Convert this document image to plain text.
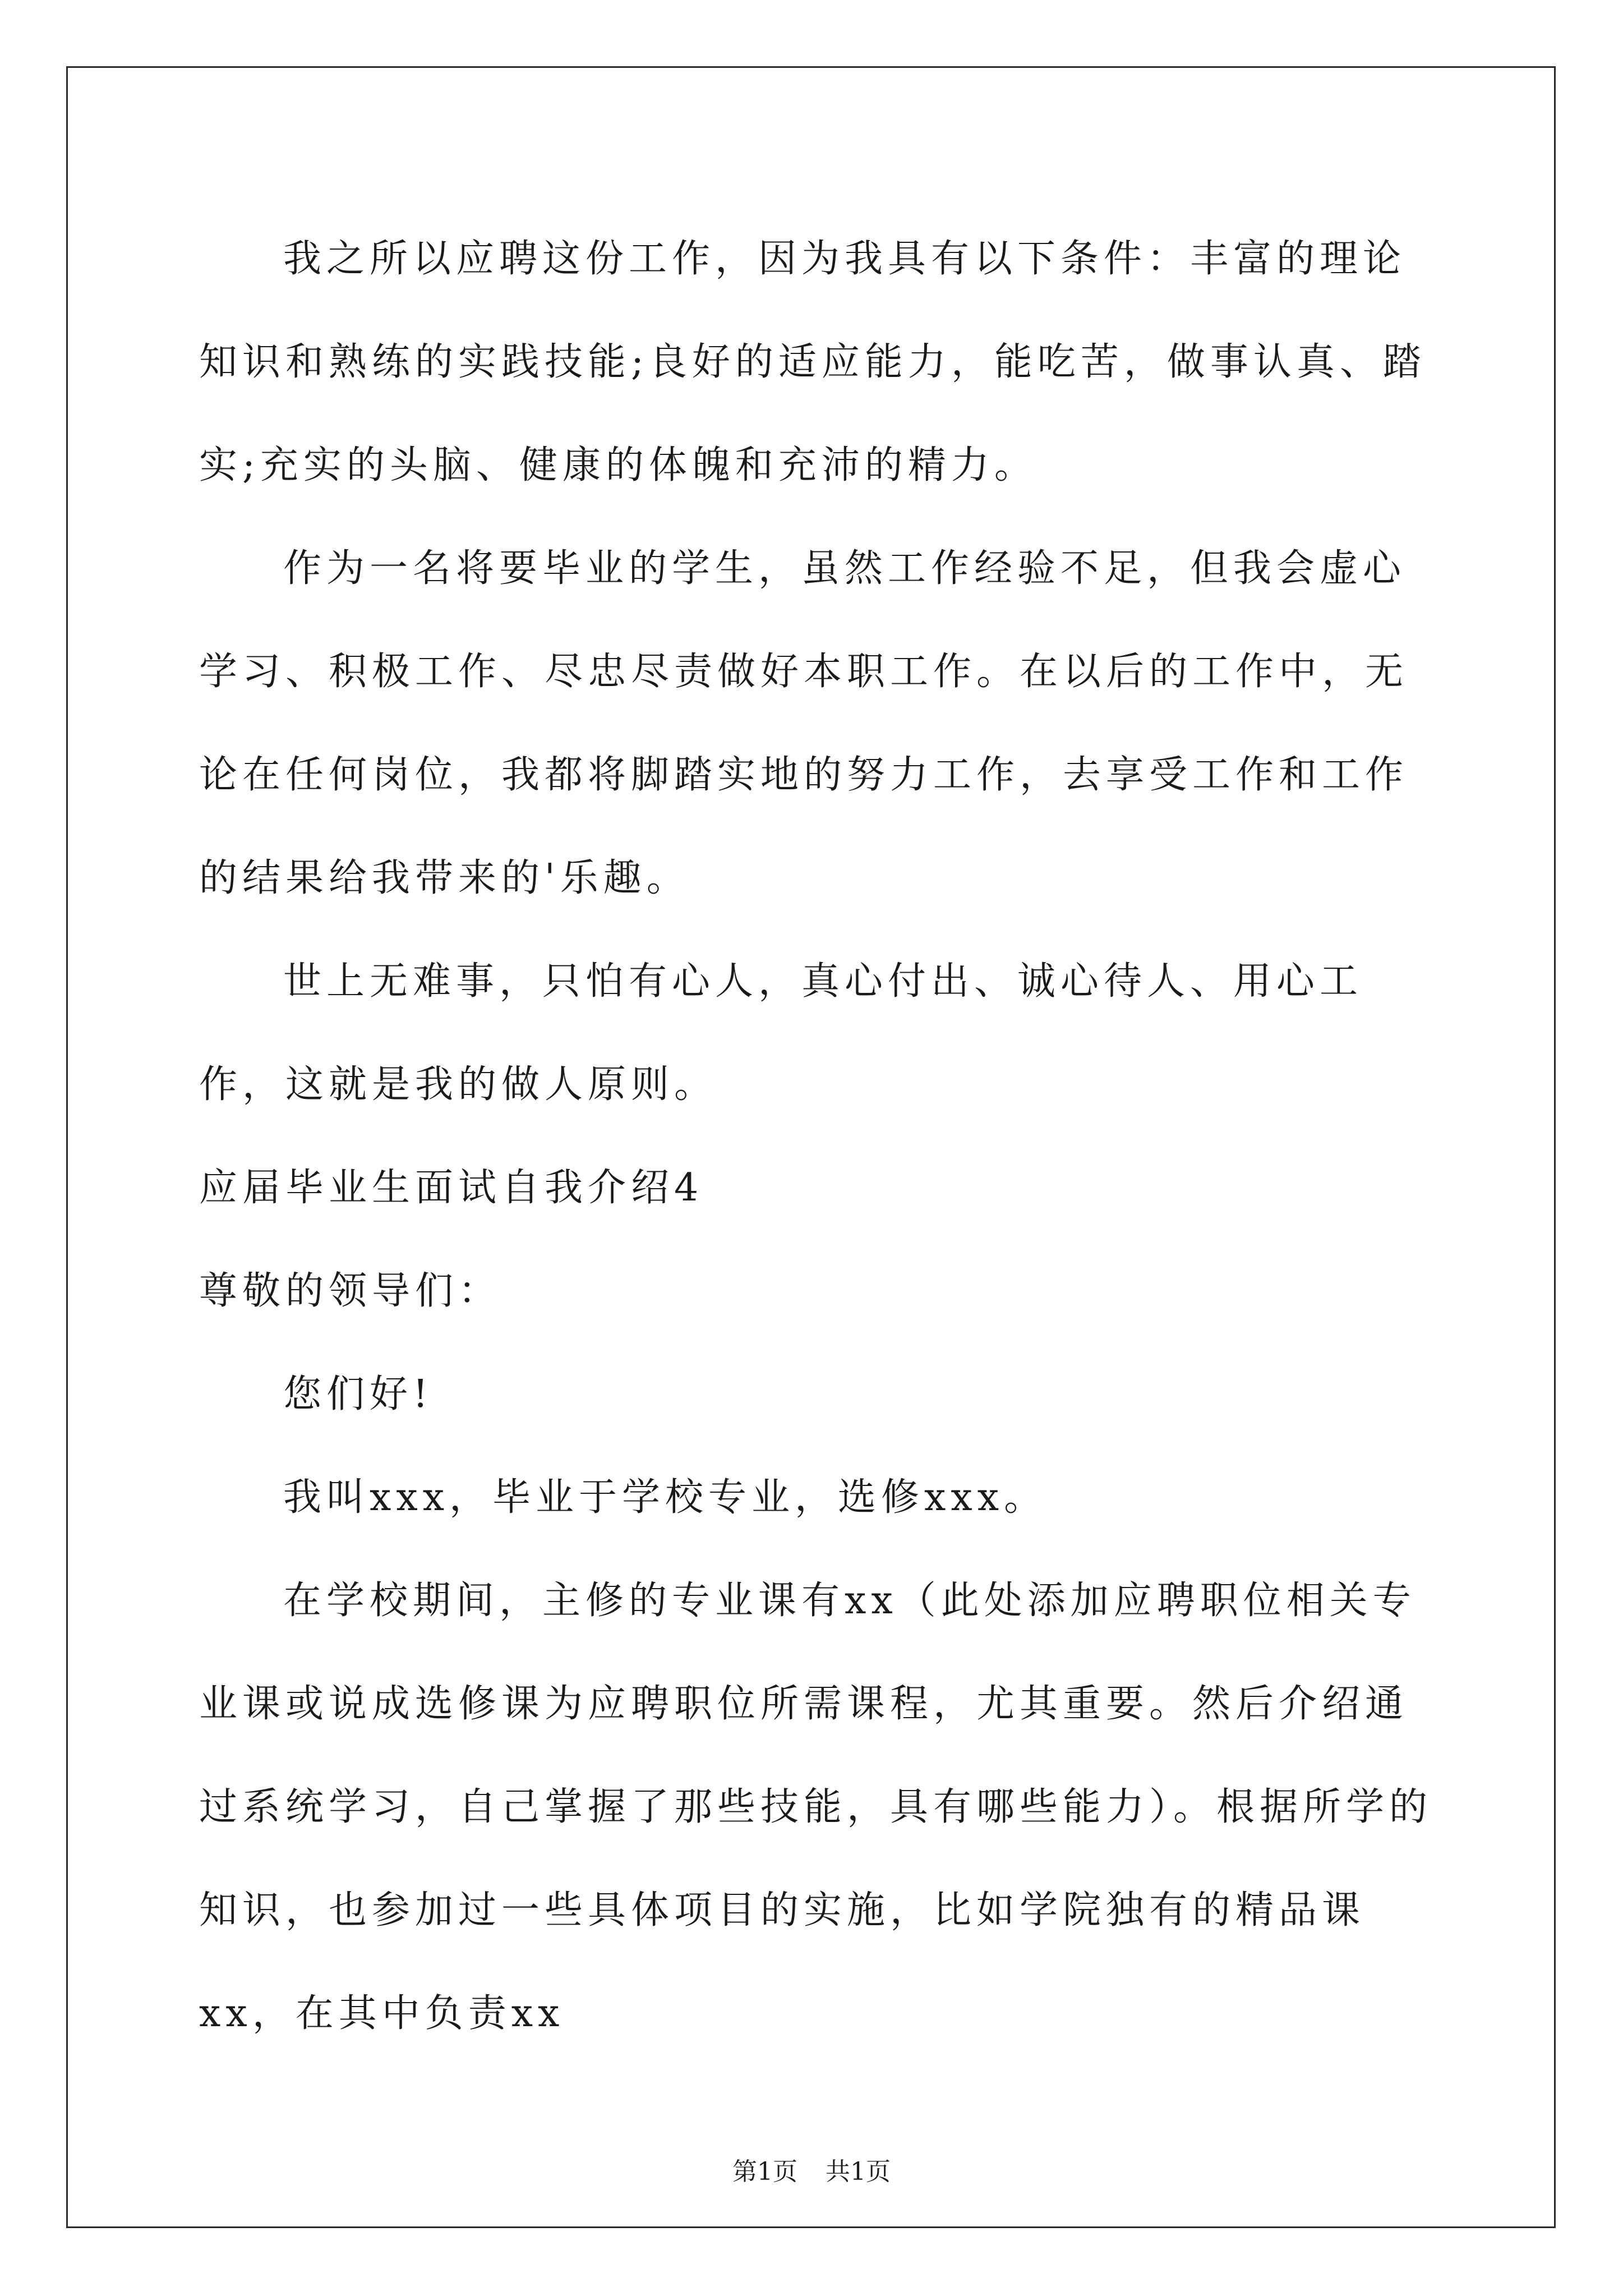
我之所以应聘这份工作，因为我具有以下条件：丰富的理论知识和熟练的实践技能;良好的适应能力，能吃苦，做事认真、踏实;充实的头脑、健康的体魄和充沛的精力。

作为一名将要毕业的学生，虽然工作经验不足，但我会虚心学习、积极工作、尽忠尽责做好本职工作。在以后的工作中，无论在任何岗位，我都将脚踏实地的努力工作，去享受工作和工作的结果给我带来的'乐趣。

世上无难事，只怕有心人，真心付出、诚心待人、用心工作，这就是我的做人原则。

应届毕业生面试自我介绍4

尊敬的领导们：

您们好!

我叫xxx，毕业于学校专业，选修xxx。

在学校期间，主修的专业课有xx（此处添加应聘职位相关专业课或说成选修课为应聘职位所需课程，尤其重要。然后介绍通过系统学习，自己掌握了那些技能，具有哪些能力）。根据所学的知识，也参加过一些具体项目的实施，比如学院独有的精品课xx，在其中负责xx

第1页 共1页
